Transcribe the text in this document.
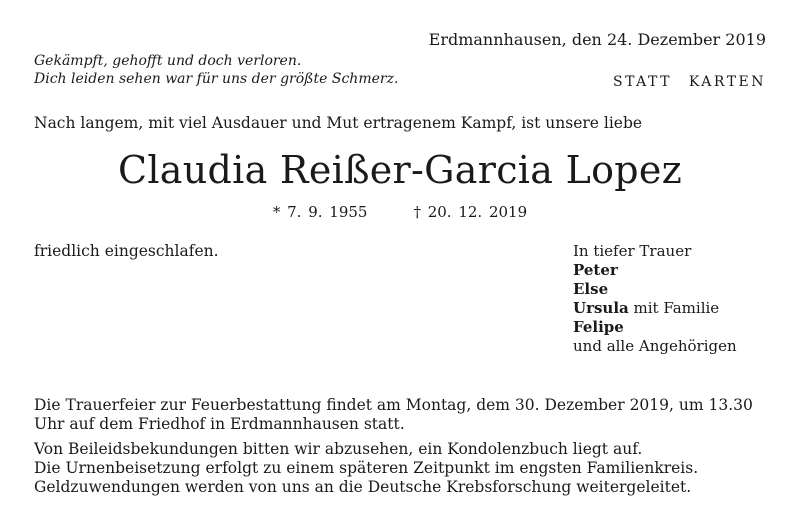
Erdmannhausen, den 24. Dezember 2019
Gekämpft, gehofft und doch verloren.
Dich leiden sehen war für uns der größte Schmerz.	STATT KARTEN
Nach langem, mit viel Ausdauer und Mut ertragenem Kampf, ist unsere liebe
Claudia Reißer-Garcia Lopez
* 7. 9. 1955	† 20. 12. 2019
friedlich eingeschlafen.	In tiefer Trauer
Peter
Else
Ursula mit Familie
Felipe
und alle Angehörigen
Die Trauerfeier zur Feuerbestattung findet am Montag, dem 30. Dezember 2019, um 13.30
Uhr auf dem Friedhof in Erdmannhausen statt.
Von Beileidsbekundungen bitten wir abzusehen, ein Kondolenzbuch liegt auf.
Die Urnenbeisetzung erfolgt zu einem späteren Zeitpunkt im engsten Familienkreis.
Geldzuwendungen werden von uns an die Deutsche Krebsforschung weitergeleitet.
